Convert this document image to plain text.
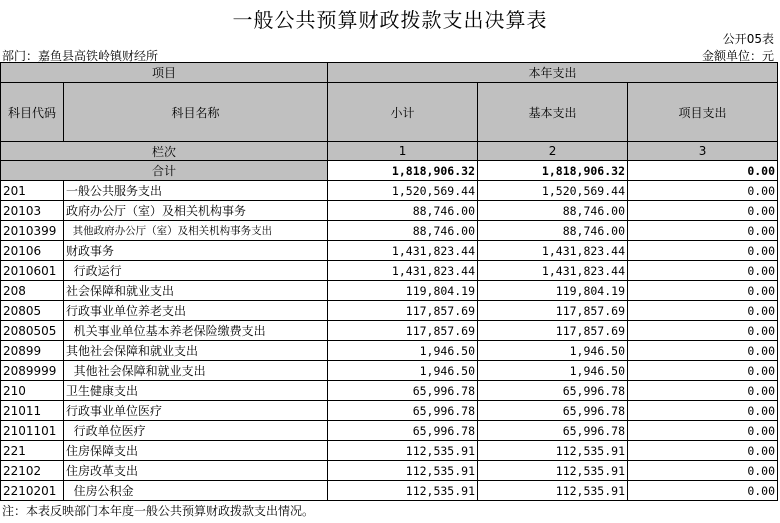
一般公共预算财政拨款支出决算表
公开05表
部门：嘉鱼县高铁岭镇财经所	金额单位：元
项目		本年支出		
科目代码	科目名称	小计	基本支出	项目支出
栏次		1	2	3
合计		1,818,906.32	1,818,906.32	0.00
201	一般公共服务支出	1,520,569.44	1,520,569.44	0.00
20103	政府办公厅（室）及相关机构事务	88,746.00	88,746.00	0.00
2010399	其他政府办公厅（室）及相关机构事务支出	88,746.00	88,746.00	0.00
20106	财政事务	1,431,823.44	1,431,823.44	0.00
2010601	行政运行	1,431,823.44	1,431,823.44	0.00
208	社会保障和就业支出	119,804.19	119,804.19	0.00
20805	行政事业单位养老支出	117,857.69	117,857.69	0.00
2080505	机关事业单位基本养老保险缴费支出	117,857.69	117,857.69	0.00
20899	其他社会保障和就业支出	1,946.50	1,946.50	0.00
2089999	其他社会保障和就业支出	1,946.50	1,946.50	0.00
210	卫生健康支出	65,996.78	65,996.78	0.00
21011	行政事业单位医疗	65,996.78	65,996.78	0.00
2101101	行政单位医疗	65,996.78	65,996.78	0.00
221	住房保障支出	112,535.91	112,535.91	0.00
22102	住房改革支出	112,535.91	112,535.91	0.00
2210201	住房公积金	112,535.91	112,535.91	0.00
注：本表反映部门本年度一般公共预算财政拨款支出情况。
